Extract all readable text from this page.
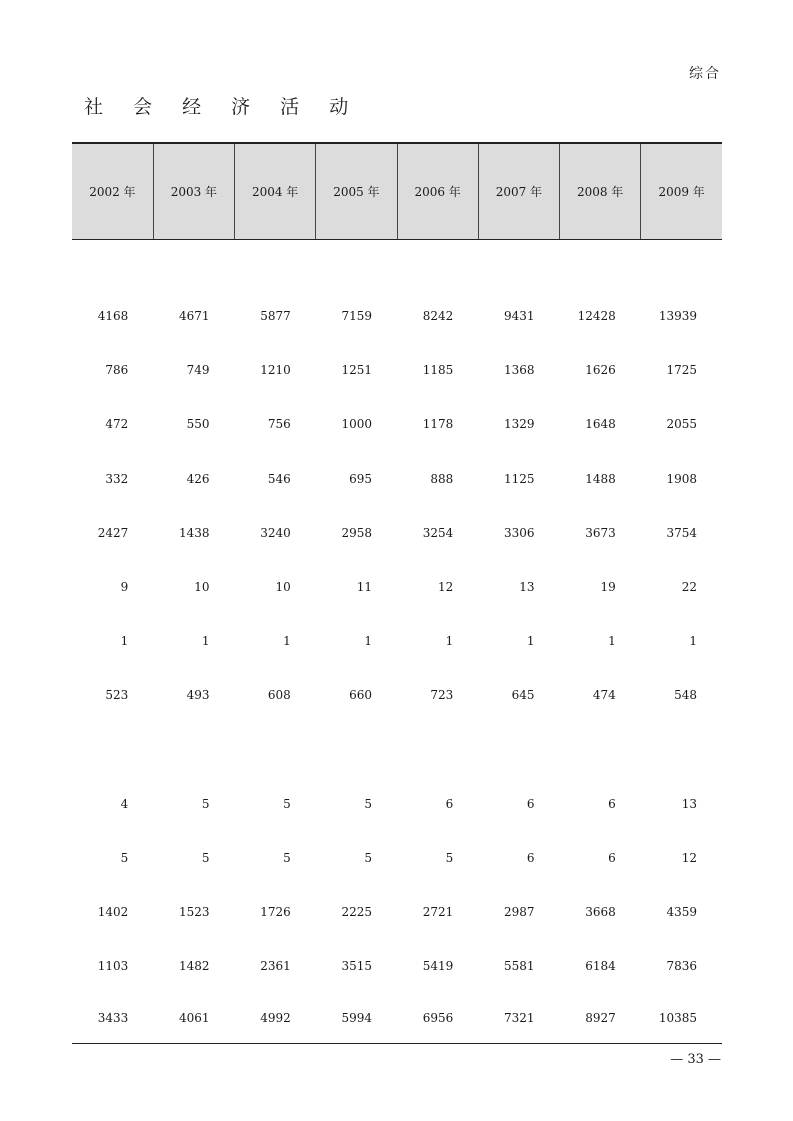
综合
社 会 经 济 活 动
2002 年	2003 年	2004 年	2005 年	2006 年	2007 年	2008 年	2009 年

4168	4671	5877	7159	8242	9431	12428	13939
786	749	1210	1251	1185	1368	1626	1725
472	550	756	1000	1178	1329	1648	2055
332	426	546	695	888	1125	1488	1908
2427	1438	3240	2958	3254	3306	3673	3754
9	10	10	11	12	13	19	22
1	1	1	1	1	1	1	1
523	493	608	660	723	645	474	548

4	5	5	5	6	6	6	13
5	5	5	5	5	6	6	12
1402	1523	1726	2225	2721	2987	3668	4359
1103	1482	2361	3515	5419	5581	6184	7836
3433	4061	4992	5994	6956	7321	8927	10385
— 33 —
